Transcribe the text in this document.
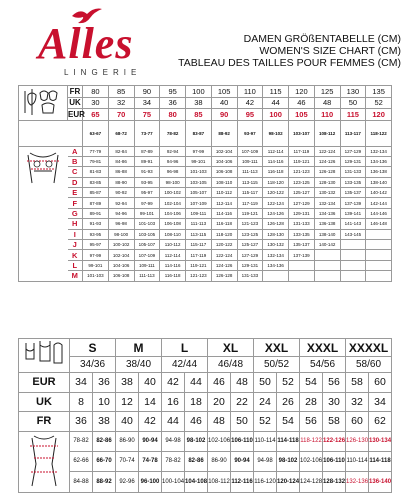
Alles
LINGERIE
DAMEN GRÖßENTABELLE (CM)
WOMEN'S SIZE CHART (CM)
TABLEAU DES TAILLES POUR FEMMES (CM)
	FR	80	85	90	95	100	105	110	115	120	125	130	135
	UK	30	32	34	36	38	40	42	44	46	48	50	52
	EUR	65	70	75	80	85	90	95	100	105	110	115	120
		63-67	68-72	73-77	78-82	83-87	88-92	93-97	98-102	103-107	108-112	113-117	118-122
	A	77-79	82-84	87-89	92-94	97-99	102-104	107-109	112-114	117-119	122-124	127-129	132-134
	B	79-81	84-86	89-91	94-96	99-101	104-106	109-111	114-116	119-121	124-126	129-131	134-136
	C	81-83	86-88	91-93	96-98	101-103	106-108	111-113	116-118	121-123	126-128	131-133	136-138
	D	83-85	88-90	93-95	98-100	103-105	108-110	113-115	118-120	123-125	128-130	133-135	138-140
	E	85-87	90-92	95-97	100-102	105-107	110-112	115-117	120-122	125-127	130-132	135-137	140-142
	F	87-89	92-94	97-99	102-104	107-109	112-114	117-119	122-124	127-129	132-134	137-139	142-144
	G	89-91	94-96	99-101	104-106	109-111	114-116	119-121	124-126	129-131	134-136	139-141	144-146
	H	91-93	96-98	101-103	106-108	111-113	116-118	121-123	126-128	131-133	136-138	141-143	146-148
	I	93-95	98-100	103-105	108-110	113-115	118-120	123-125	128-130	133-135	138-140	143-145	
	J	95-97	100-102	105-107	110-112	115-117	120-122	125-127	130-132	135-137	140-142		
	K	97-99	102-104	107-109	112-114	117-119	122-124	127-129	132-134	137-139			
	L	99-101	104-106	109-111	114-116	119-121	124-126	129-131	134-136				
	M	101-103	106-108	111-113	116-118	121-123	126-128	131-133					
	S		M		L		XL		XXL		XXXL		XXXXL	
	34/36		38/40		42/44		46/48		50/52		54/56		58/60	
EUR	34	36	38	40	42	44	46	48	50	52	54	56	58	60
UK	8	10	12	14	16	18	20	22	24	26	28	30	32	34
FR	36	38	40	42	44	46	48	50	52	54	56	58	60	62
	78-82	82-86	86-90	90-94	94-98	98-102	102-106	106-110	110-114	114-118	118-122	122-126	126-130	130-134
	62-66	66-70	70-74	74-78	78-82	82-86	86-90	90-94	94-98	98-102	102-106	106-110	110-114	114-118
	84-88	88-92	92-96	96-100	100-104	104-108	108-112	112-116	116-120	120-124	124-128	128-132	132-136	136-140
